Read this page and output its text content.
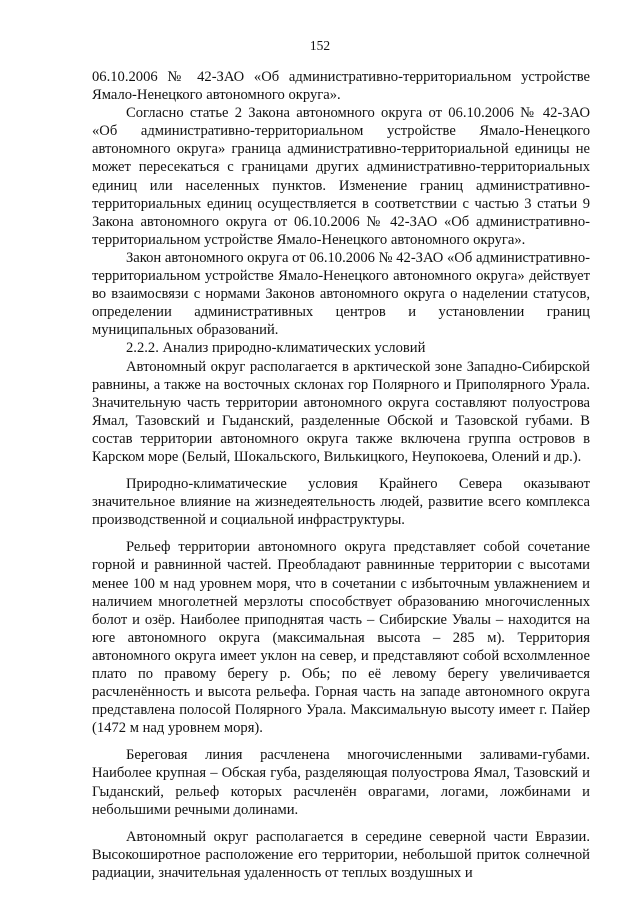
152

06.10.2006 № 42-ЗАО «Об административно-территориальном устройстве Ямало-Ненецкого автономного округа».

Согласно статье 2 Закона автономного округа от 06.10.2006 № 42-ЗАО «Об административно-территориальном устройстве Ямало-Ненецкого автономного округа» граница административно-территориальной единицы не может пересекаться с границами других административно-территориальных единиц или населенных пунктов. Изменение границ административно-территориальных единиц осуществляется в соответствии с частью 3 статьи 9 Закона автономного округа от 06.10.2006 № 42-ЗАО «Об административно-территориальном устройстве Ямало-Ненецкого автономного округа».

Закон автономного округа от 06.10.2006 № 42-ЗАО «Об административно-территориальном устройстве Ямало-Ненецкого автономного округа» действует во взаимосвязи с нормами Законов автономного округа о наделении статусов, определении административных центров и установлении границ муниципальных образований.

2.2.2. Анализ природно-климатических условий

Автономный округ располагается в арктической зоне Западно-Сибирской равнины, а также на восточных склонах гор Полярного и Приполярного Урала. Значительную часть территории автономного округа составляют полуострова Ямал, Тазовский и Гыданский, разделенные Обской и Тазовской губами. В состав территории автономного округа также включена группа островов в Карском море (Белый, Шокальского, Вилькицкого, Неупокоева, Олений и др.).

Природно-климатические условия Крайнего Севера оказывают значительное влияние на жизнедеятельность людей, развитие всего комплекса производственной и социальной инфраструктуры.

Рельеф территории автономного округа представляет собой сочетание горной и равнинной частей. Преобладают равнинные территории с высотами менее 100 м над уровнем моря, что в сочетании с избыточным увлажнением и наличием многолетней мерзлоты способствует образованию многочисленных болот и озёр. Наиболее приподнятая часть – Сибирские Увалы – находится на юге автономного округа (максимальная высота – 285 м). Территория автономного округа имеет уклон на север, и представляют собой всхолмленное плато по правому берегу р. Обь; по её левому берегу увеличивается расчленённость и высота рельефа. Горная часть на западе автономного округа представлена полосой Полярного Урала. Максимальную высоту имеет г. Пайер (1472 м над уровнем моря).

Береговая линия расчленена многочисленными заливами-губами. Наиболее крупная – Обская губа, разделяющая полуострова Ямал, Тазовский и Гыданский, рельеф которых расчленён оврагами, логами, ложбинами и небольшими речными долинами.

Автономный округ располагается в середине северной части Евразии. Высокоширотное расположение его территории, небольшой приток солнечной радиации, значительная удаленность от теплых воздушных и
